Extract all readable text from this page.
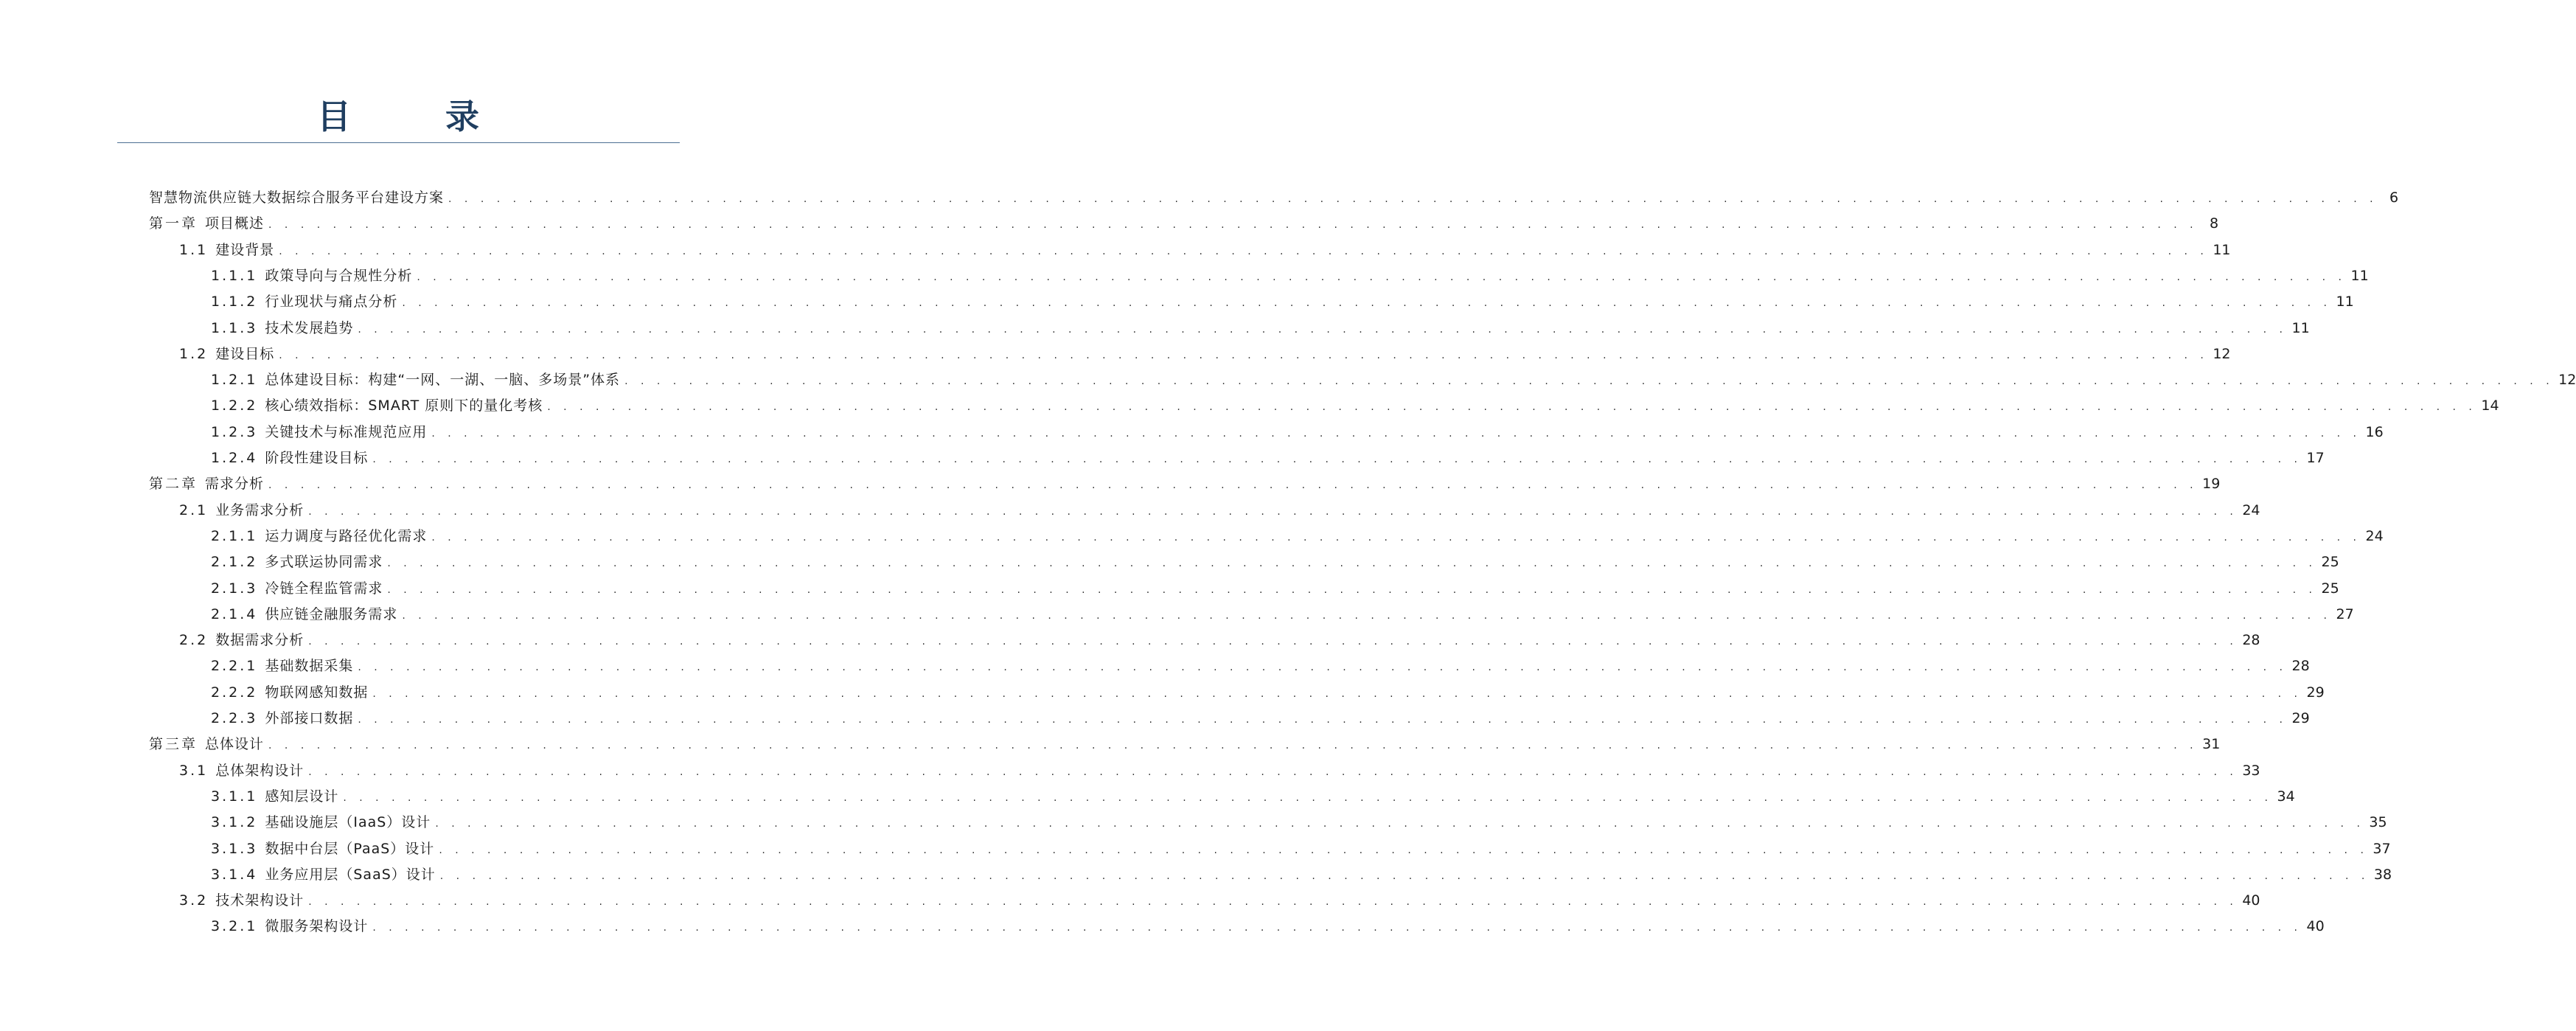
目 录
智慧物流供应链大数据综合服务平台建设方案 . . . . . . . . . . . . . . . . . . . . . . . . . . . . . . . . . . . . . . . . . . . . . . . . . . . . . . . . . . . . . . . . . . . . . . . . . . . . . . . . . . . . . . . . . . . . . . . . . . . . . . . . . . . . . . . . . . . . . . . . 6
第一章 项目概述 . . . . . . . . . . . . . . . . . . . . . . . . . . . . . . . . . . . . . . . . . . . . . . . . . . . . . . . . . . . . . . . . . . . . . . . . . . . . . . . . . . . . . . . . . . . . . . . . . . . . . . . . . . . . . . . . . . . . . . . . 8
1.1 建设背景 . . . . . . . . . . . . . . . . . . . . . . . . . . . . . . . . . . . . . . . . . . . . . . . . . . . . . . . . . . . . . . . . . . . . . . . . . . . . . . . . . . . . . . . . . . . . . . . . . . . . . . . . . . . . . . . . . . . . . . . . 11
1.1.1 政策导向与合规性分析 . . . . . . . . . . . . . . . . . . . . . . . . . . . . . . . . . . . . . . . . . . . . . . . . . . . . . . . . . . . . . . . . . . . . . . . . . . . . . . . . . . . . . . . . . . . . . . . . . . . . . . . . . . . . . . . . . . . . . . . . 11
1.1.2 行业现状与痛点分析 . . . . . . . . . . . . . . . . . . . . . . . . . . . . . . . . . . . . . . . . . . . . . . . . . . . . . . . . . . . . . . . . . . . . . . . . . . . . . . . . . . . . . . . . . . . . . . . . . . . . . . . . . . . . . . . . . . . . . . . . 11
1.1.3 技术发展趋势 . . . . . . . . . . . . . . . . . . . . . . . . . . . . . . . . . . . . . . . . . . . . . . . . . . . . . . . . . . . . . . . . . . . . . . . . . . . . . . . . . . . . . . . . . . . . . . . . . . . . . . . . . . . . . . . . . . . . . . . . 11
1.2 建设目标 . . . . . . . . . . . . . . . . . . . . . . . . . . . . . . . . . . . . . . . . . . . . . . . . . . . . . . . . . . . . . . . . . . . . . . . . . . . . . . . . . . . . . . . . . . . . . . . . . . . . . . . . . . . . . . . . . . . . . . . . 12
1.2.1 总体建设目标：构建“一网、一湖、一脑、多场景”体系 . . . . . . . . . . . . . . . . . . . . . . . . . . . . . . . . . . . . . . . . . . . . . . . . . . . . . . . . . . . . . . . . . . . . . . . . . . . . . . . . . . . . . . . . . . . . . . . . . . . . . . . . . . . . . . . . . . . . . . . . 12
1.2.2 核心绩效指标：SMART 原则下的量化考核 . . . . . . . . . . . . . . . . . . . . . . . . . . . . . . . . . . . . . . . . . . . . . . . . . . . . . . . . . . . . . . . . . . . . . . . . . . . . . . . . . . . . . . . . . . . . . . . . . . . . . . . . . . . . . . . . . . . . . . . . 14
1.2.3 关键技术与标准规范应用 . . . . . . . . . . . . . . . . . . . . . . . . . . . . . . . . . . . . . . . . . . . . . . . . . . . . . . . . . . . . . . . . . . . . . . . . . . . . . . . . . . . . . . . . . . . . . . . . . . . . . . . . . . . . . . . . . . . . . . . . 16
1.2.4 阶段性建设目标 . . . . . . . . . . . . . . . . . . . . . . . . . . . . . . . . . . . . . . . . . . . . . . . . . . . . . . . . . . . . . . . . . . . . . . . . . . . . . . . . . . . . . . . . . . . . . . . . . . . . . . . . . . . . . . . . . . . . . . . . 17
第二章 需求分析 . . . . . . . . . . . . . . . . . . . . . . . . . . . . . . . . . . . . . . . . . . . . . . . . . . . . . . . . . . . . . . . . . . . . . . . . . . . . . . . . . . . . . . . . . . . . . . . . . . . . . . . . . . . . . . . . . . . . . . . . 19
2.1 业务需求分析 . . . . . . . . . . . . . . . . . . . . . . . . . . . . . . . . . . . . . . . . . . . . . . . . . . . . . . . . . . . . . . . . . . . . . . . . . . . . . . . . . . . . . . . . . . . . . . . . . . . . . . . . . . . . . . . . . . . . . . . . 24
2.1.1 运力调度与路径优化需求 . . . . . . . . . . . . . . . . . . . . . . . . . . . . . . . . . . . . . . . . . . . . . . . . . . . . . . . . . . . . . . . . . . . . . . . . . . . . . . . . . . . . . . . . . . . . . . . . . . . . . . . . . . . . . . . . . . . . . . . . 24
2.1.2 多式联运协同需求 . . . . . . . . . . . . . . . . . . . . . . . . . . . . . . . . . . . . . . . . . . . . . . . . . . . . . . . . . . . . . . . . . . . . . . . . . . . . . . . . . . . . . . . . . . . . . . . . . . . . . . . . . . . . . . . . . . . . . . . . 25
2.1.3 冷链全程监管需求 . . . . . . . . . . . . . . . . . . . . . . . . . . . . . . . . . . . . . . . . . . . . . . . . . . . . . . . . . . . . . . . . . . . . . . . . . . . . . . . . . . . . . . . . . . . . . . . . . . . . . . . . . . . . . . . . . . . . . . . . 25
2.1.4 供应链金融服务需求 . . . . . . . . . . . . . . . . . . . . . . . . . . . . . . . . . . . . . . . . . . . . . . . . . . . . . . . . . . . . . . . . . . . . . . . . . . . . . . . . . . . . . . . . . . . . . . . . . . . . . . . . . . . . . . . . . . . . . . . . 27
2.2 数据需求分析 . . . . . . . . . . . . . . . . . . . . . . . . . . . . . . . . . . . . . . . . . . . . . . . . . . . . . . . . . . . . . . . . . . . . . . . . . . . . . . . . . . . . . . . . . . . . . . . . . . . . . . . . . . . . . . . . . . . . . . . . 28
2.2.1 基础数据采集 . . . . . . . . . . . . . . . . . . . . . . . . . . . . . . . . . . . . . . . . . . . . . . . . . . . . . . . . . . . . . . . . . . . . . . . . . . . . . . . . . . . . . . . . . . . . . . . . . . . . . . . . . . . . . . . . . . . . . . . . 28
2.2.2 物联网感知数据 . . . . . . . . . . . . . . . . . . . . . . . . . . . . . . . . . . . . . . . . . . . . . . . . . . . . . . . . . . . . . . . . . . . . . . . . . . . . . . . . . . . . . . . . . . . . . . . . . . . . . . . . . . . . . . . . . . . . . . . . 29
2.2.3 外部接口数据 . . . . . . . . . . . . . . . . . . . . . . . . . . . . . . . . . . . . . . . . . . . . . . . . . . . . . . . . . . . . . . . . . . . . . . . . . . . . . . . . . . . . . . . . . . . . . . . . . . . . . . . . . . . . . . . . . . . . . . . . 29
第三章 总体设计 . . . . . . . . . . . . . . . . . . . . . . . . . . . . . . . . . . . . . . . . . . . . . . . . . . . . . . . . . . . . . . . . . . . . . . . . . . . . . . . . . . . . . . . . . . . . . . . . . . . . . . . . . . . . . . . . . . . . . . . . 31
3.1 总体架构设计 . . . . . . . . . . . . . . . . . . . . . . . . . . . . . . . . . . . . . . . . . . . . . . . . . . . . . . . . . . . . . . . . . . . . . . . . . . . . . . . . . . . . . . . . . . . . . . . . . . . . . . . . . . . . . . . . . . . . . . . . 33
3.1.1 感知层设计 . . . . . . . . . . . . . . . . . . . . . . . . . . . . . . . . . . . . . . . . . . . . . . . . . . . . . . . . . . . . . . . . . . . . . . . . . . . . . . . . . . . . . . . . . . . . . . . . . . . . . . . . . . . . . . . . . . . . . . . . 34
3.1.2 基础设施层（IaaS）设计 . . . . . . . . . . . . . . . . . . . . . . . . . . . . . . . . . . . . . . . . . . . . . . . . . . . . . . . . . . . . . . . . . . . . . . . . . . . . . . . . . . . . . . . . . . . . . . . . . . . . . . . . . . . . . . . . . . . . . . . . 35
3.1.3 数据中台层（PaaS）设计 . . . . . . . . . . . . . . . . . . . . . . . . . . . . . . . . . . . . . . . . . . . . . . . . . . . . . . . . . . . . . . . . . . . . . . . . . . . . . . . . . . . . . . . . . . . . . . . . . . . . . . . . . . . . . . . . . . . . . . . . 37
3.1.4 业务应用层（SaaS）设计 . . . . . . . . . . . . . . . . . . . . . . . . . . . . . . . . . . . . . . . . . . . . . . . . . . . . . . . . . . . . . . . . . . . . . . . . . . . . . . . . . . . . . . . . . . . . . . . . . . . . . . . . . . . . . . . . . . . . . . . . 38
3.2 技术架构设计 . . . . . . . . . . . . . . . . . . . . . . . . . . . . . . . . . . . . . . . . . . . . . . . . . . . . . . . . . . . . . . . . . . . . . . . . . . . . . . . . . . . . . . . . . . . . . . . . . . . . . . . . . . . . . . . . . . . . . . . . 40
3.2.1 微服务架构设计 . . . . . . . . . . . . . . . . . . . . . . . . . . . . . . . . . . . . . . . . . . . . . . . . . . . . . . . . . . . . . . . . . . . . . . . . . . . . . . . . . . . . . . . . . . . . . . . . . . . . . . . . . . . . . . . . . . . . . . . . 40
